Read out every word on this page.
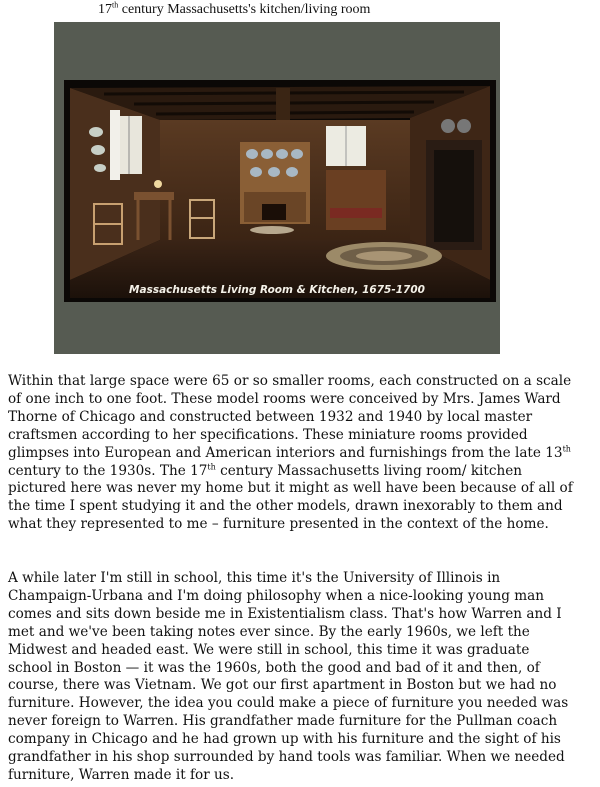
17th century Massachusetts's kitchen/living room
Massachusetts Living Room & Kitchen, 1675-1700
Within that large space were 65 or so smaller rooms, each constructed on a scale of one inch to one foot. These model rooms were conceived by Mrs. James Ward Thorne of Chicago and constructed between 1932 and 1940 by local master craftsmen according to her specifications. These miniature rooms provided glimpses into European and American interiors and furnishings from the late 13th century to the 1930s. The 17th century Massachusetts living room/ kitchen pictured here was never my home but it might as well have been because of all of the time I spent studying it and the other models, drawn inexorably to them and what they represented to me – furniture presented in the context of the home.
A while later I'm still in school, this time it's the University of Illinois in Champaign-Urbana and I'm doing philosophy when a nice-looking young man comes and sits down beside me in Existentialism class. That's how Warren and I met and we've been taking notes ever since. By the early 1960s, we left the Midwest and headed east. We were still in school, this time it was graduate school in Boston — it was the 1960s, both the good and bad of it and then, of course, there was Vietnam. We got our first apartment in Boston but we had no furniture. However, the idea you could make a piece of furniture you needed was never foreign to Warren. His grandfather made furniture for the Pullman coach company in Chicago and he had grown up with his furniture and the sight of his grandfather in his shop surrounded by hand tools was familiar. When we needed furniture, Warren made it for us.
